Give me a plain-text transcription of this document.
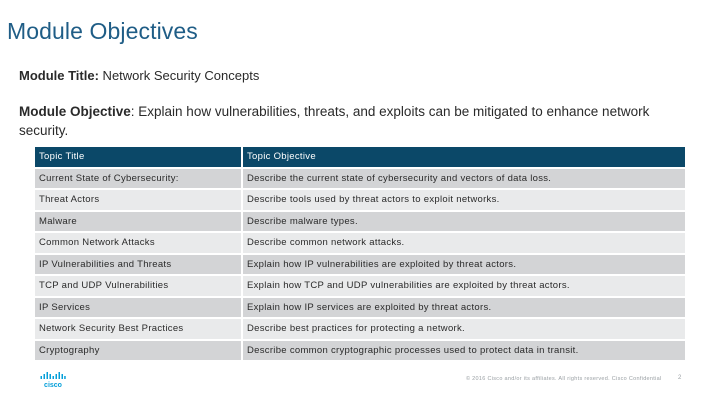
Module Objectives
Module Title: Network Security Concepts
Module Objective: Explain how vulnerabilities, threats, and exploits can be mitigated to enhance network security.
Topic Title	Topic Objective
Current State of Cybersecurity:	Describe the current state of cybersecurity and vectors of data loss.
Threat Actors	Describe tools used by threat actors to exploit networks.
Malware	Describe malware types.
Common Network Attacks	Describe common network attacks.
IP Vulnerabilities and Threats	Explain how IP vulnerabilities are exploited by threat actors.
TCP and UDP Vulnerabilities	Explain how TCP and UDP vulnerabilities are exploited by threat actors.
IP Services	Explain how IP services are exploited by threat actors.
Network Security Best Practices	Describe best practices for protecting a network.
Cryptography	Describe common cryptographic processes used to protect data in transit.
cisco
© 2016 Cisco and/or its affiliates. All rights reserved. Cisco Confidential	2
